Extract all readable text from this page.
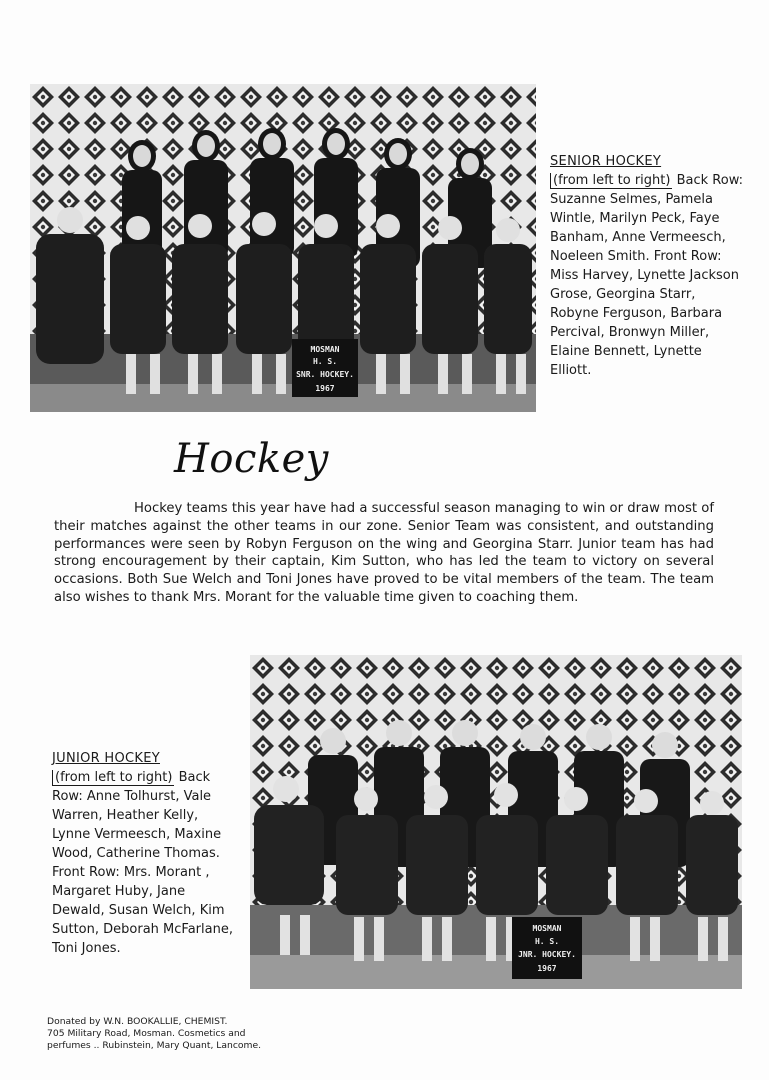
MOSMAN
H. S.
SNR. HOCKEY.
1967
SENIOR HOCKEY
(from left to right) Back Row: Suzanne Selmes, Pamela Wintle, Marilyn Peck, Faye Banham, Anne Vermeesch, Noeleen Smith. Front Row: Miss Harvey, Lynette Jackson Grose, Georgina Starr, Robyne Ferguson, Barbara Percival, Bronwyn Miller, Elaine Bennett, Lynette Elliott.
Hockey
Hockey teams this year have had a successful season managing to win or draw most of their matches against the other teams in our zone. Senior Team was consistent, and outstanding performances were seen by Robyn Ferguson on the wing and Georgina Starr. Junior team has had strong encouragement by their captain, Kim Sutton, who has led the team to victory on several occasions. Both Sue Welch and Toni Jones have proved to be vital members of the team. The team also wishes to thank Mrs. Morant for the valuable time given to coaching them.
MOSMAN
H. S.
JNR. HOCKEY.
1967
JUNIOR HOCKEY
(from left to right) Back Row: Anne Tolhurst, Vale Warren, Heather Kelly, Lynne Vermeesch, Maxine Wood, Catherine Thomas. Front Row: Mrs. Morant , Margaret Huby, Jane Dewald, Susan Welch, Kim Sutton, Deborah McFarlane, Toni Jones.
Donated by W.N. BOOKALLIE, CHEMIST.
705 Military Road, Mosman. Cosmetics and
perfumes .. Rubinstein, Mary Quant, Lancome.
